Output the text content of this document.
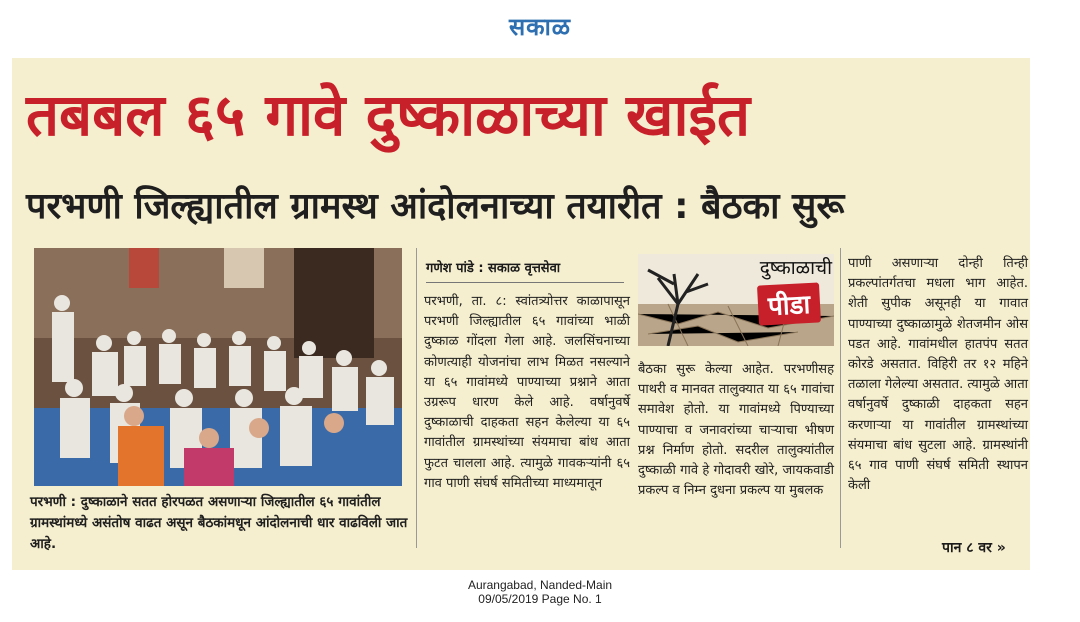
सकाळ
तबबल ६५ गावे दुष्काळाच्या खाईत
परभणी जिल्ह्यातील ग्रामस्थ आंदोलनाच्या तयारीत : बैठका सुरू
परभणी : दुष्काळाने सतत होरपळत असणाऱ्या जिल्ह्यातील ६५ गावांतील ग्रामस्थांमध्ये असंतोष वाढत असून बैठकांमधून आंदोलनाची धार वाढविली जात आहे.
गणेश पांडे : सकाळ वृत्तसेवा
परभणी, ता. ८: स्वांतत्र्योत्तर काळापासून परभणी जिल्ह्यातील ६५ गावांच्या भाळी दुष्काळ गोंदला गेला आहे. जलसिंचनाच्या कोणत्याही योजनांचा लाभ मिळत नसल्याने या ६५ गावांमध्ये पाण्याच्या प्रश्नाने आता उग्ररूप धारण केले आहे. वर्षानुवर्षे दुष्काळाची दाहकता सहन केलेल्या या ६५ गावांतील ग्रामस्थांच्या संयमाचा बांध आता फुटत चालला आहे. त्यामुळे गावकऱ्यांनी ६५ गाव पाणी संघर्ष समितीच्या माध्यमातून
दुष्काळाची
पीडा
बैठका सुरू केल्या आहेत. परभणीसह पाथरी व मानवत तालुक्यात या ६५ गावांचा समावेश होतो. या गावांमध्ये पिण्याच्या पाण्याचा व जनावरांच्या चाऱ्याचा भीषण प्रश्न निर्माण होतो. सदरील तालुक्यांतील दुष्काळी गावे हे गोदावरी खोरे, जायकवाडी प्रकल्प व निम्न दुधना प्रकल्प या मुबलक
पाणी असणाऱ्या दोन्ही तिन्ही प्रकल्पांतर्गतचा मधला भाग आहेत. शेती सुपीक असूनही या गावात पाण्याच्या दुष्काळामुळे शेतजमीन ओस पडत आहे. गावांमधील हातपंप सतत कोरडे असतात. विहिरी तर १२ महिने तळाला गेलेल्या असतात. त्यामुळे आता वर्षानुवर्षे दुष्काळी दाहकता सहन करणाऱ्या या गावांतील ग्रामस्थांच्या संयमाचा बांध सुटला आहे. ग्रामस्थांनी ६५ गाव पाणी संघर्ष समिती स्थापन केली
पान ८ वर »
Aurangabad, Nanded-Main
09/05/2019 Page No. 1
